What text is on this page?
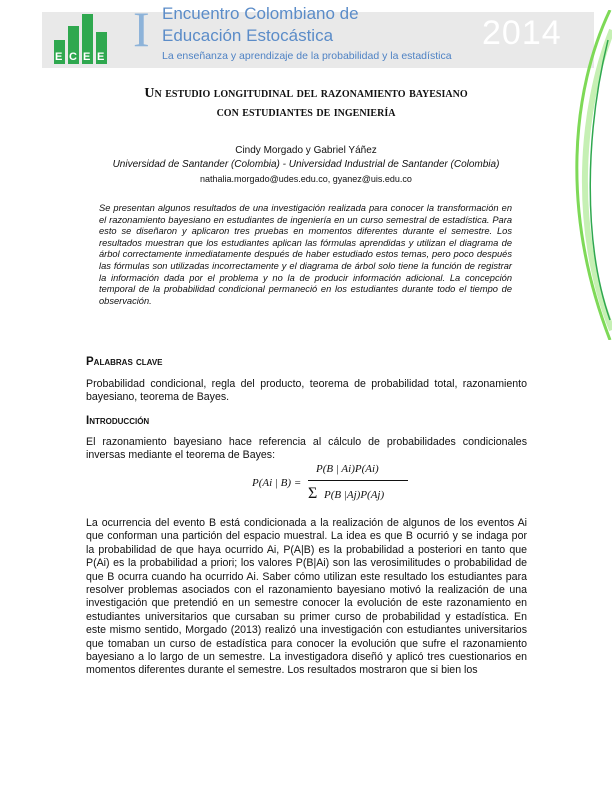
E C E E I Encuentro Colombiano de
Educación Estocástica
La enseñanza y aprendizaje de la probabilidad y la estadística
2014
Un estudio longitudinal del razonamiento bayesiano
con estudiantes de ingeniería
Cindy Morgado y Gabriel Yáñez
Universidad de Santander (Colombia) - Universidad Industrial de Santander (Colombia)
nathalia.morgado@udes.edu.co, gyanez@uis.edu.co
Se presentan algunos resultados de una investigación realizada para conocer la transformación en el razonamiento bayesiano en estudiantes de ingeniería en un curso semestral de estadística. Para esto se diseñaron y aplicaron tres pruebas en momentos diferentes durante el semestre. Los resultados muestran que los estudiantes aplican las fórmulas aprendidas y utilizan el diagrama de árbol correctamente inmediatamente después de haber estudiado estos temas, pero poco después las fórmulas son utilizadas incorrectamente y el diagrama de árbol solo tiene la función de registrar la información dada por el problema y no la de producir información adicional. La concepción temporal de la probabilidad condicional permaneció en los estudiantes durante todo el tiempo de observación.
Palabras clave
Probabilidad condicional, regla del producto, teorema de probabilidad total, razonamiento bayesiano, teorema de Bayes.
Introducción
El razonamiento bayesiano hace referencia al cálculo de probabilidades condicionales inversas mediante el teorema de Bayes:
P(Ai | B) =
P(B | Ai)P(Ai)
Σ P(B |Aj)P(Aj)
La ocurrencia del evento B está condicionada a la realización de algunos de los eventos Ai que conforman una partición del espacio muestral. La idea es que B ocurrió y se indaga por la probabilidad de que haya ocurrido Ai, P(A|B) es la probabilidad a posteriori en tanto que P(Ai) es la probabilidad a priori; los valores P(B|Ai) son las verosimilitudes o probabilidad de que B ocurra cuando ha ocurrido Ai. Saber cómo utilizan este resultado los estudiantes para resolver problemas asociados con el razonamiento bayesiano motivó la realización de una investigación que pretendió en un semestre conocer la evolución de este razonamiento en estudiantes universitarios que cursaban su primer curso de probabilidad y estadística. En este mismo sentido, Morgado (2013) realizó una investigación con estudiantes universitarios que tomaban un curso de estadística para conocer la evolución que sufre el razonamiento bayesiano a lo largo de un semestre. La investigadora diseñó y aplicó tres cuestionarios en momentos diferentes durante el semestre. Los resultados mostraron que si bien los
